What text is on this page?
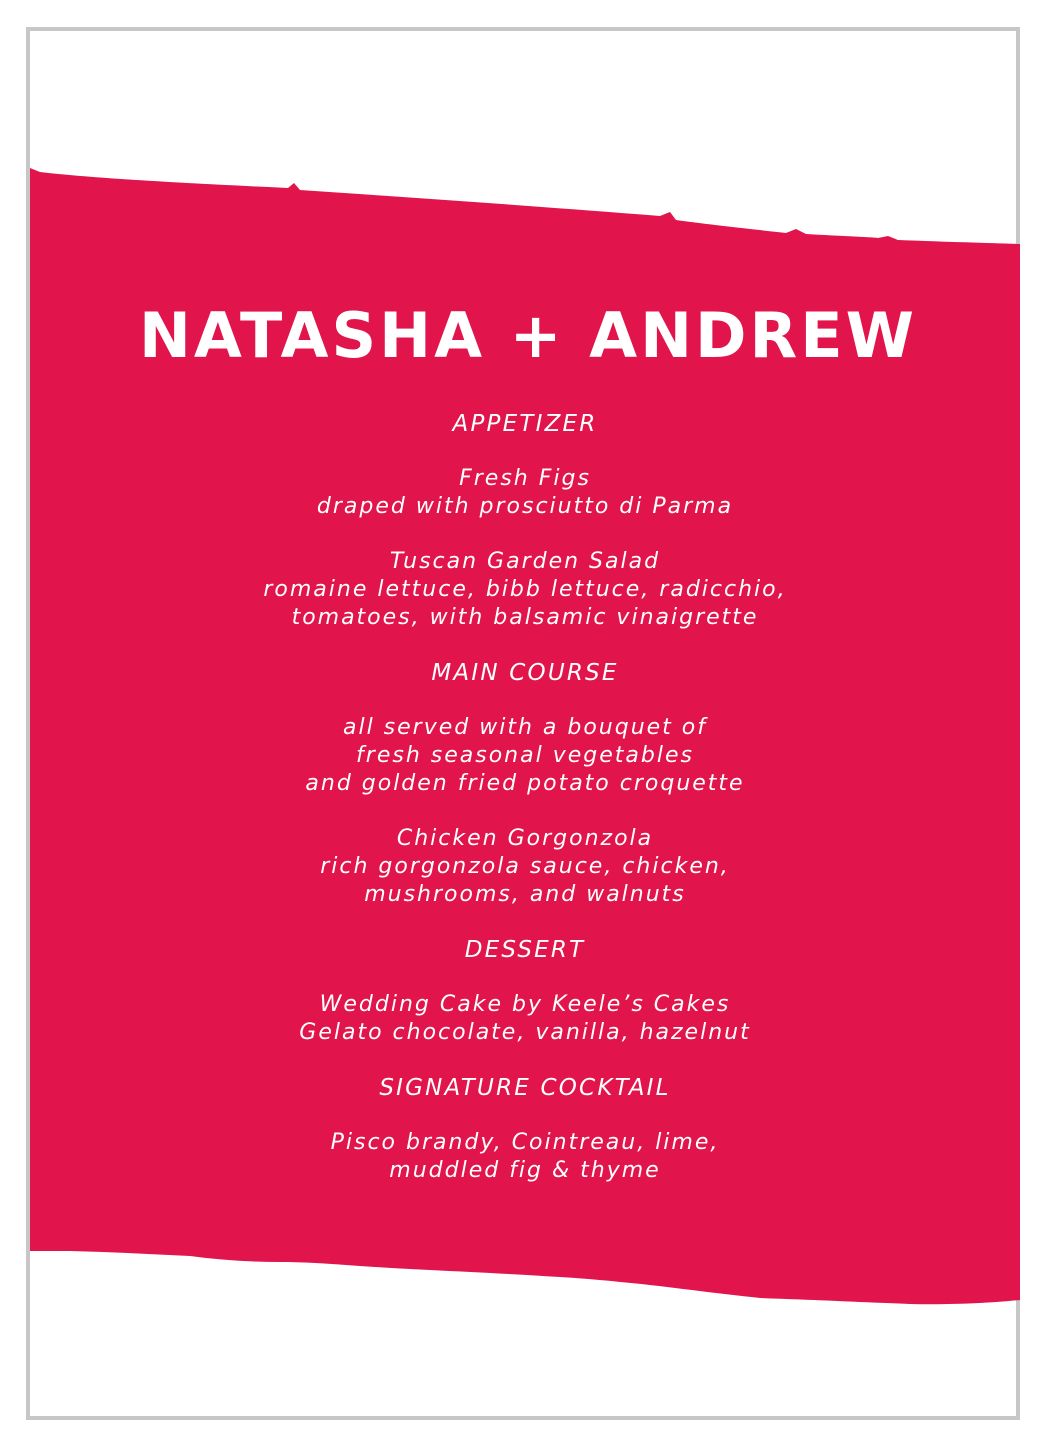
NATASHA + ANDREW

APPETIZER

Fresh Figs

draped with prosciutto di Parma

Tuscan Garden Salad

romaine lettuce, bibb lettuce, radicchio,

tomatoes, with balsamic vinaigrette

MAIN COURSE

all served with a bouquet of

fresh seasonal vegetables

and golden fried potato croquette

Chicken Gorgonzola

rich gorgonzola sauce, chicken,

mushrooms, and walnuts

DESSERT

Wedding Cake by Keele’s Cakes

Gelato chocolate, vanilla, hazelnut

SIGNATURE COCKTAIL

Pisco brandy, Cointreau, lime,

muddled fig & thyme
